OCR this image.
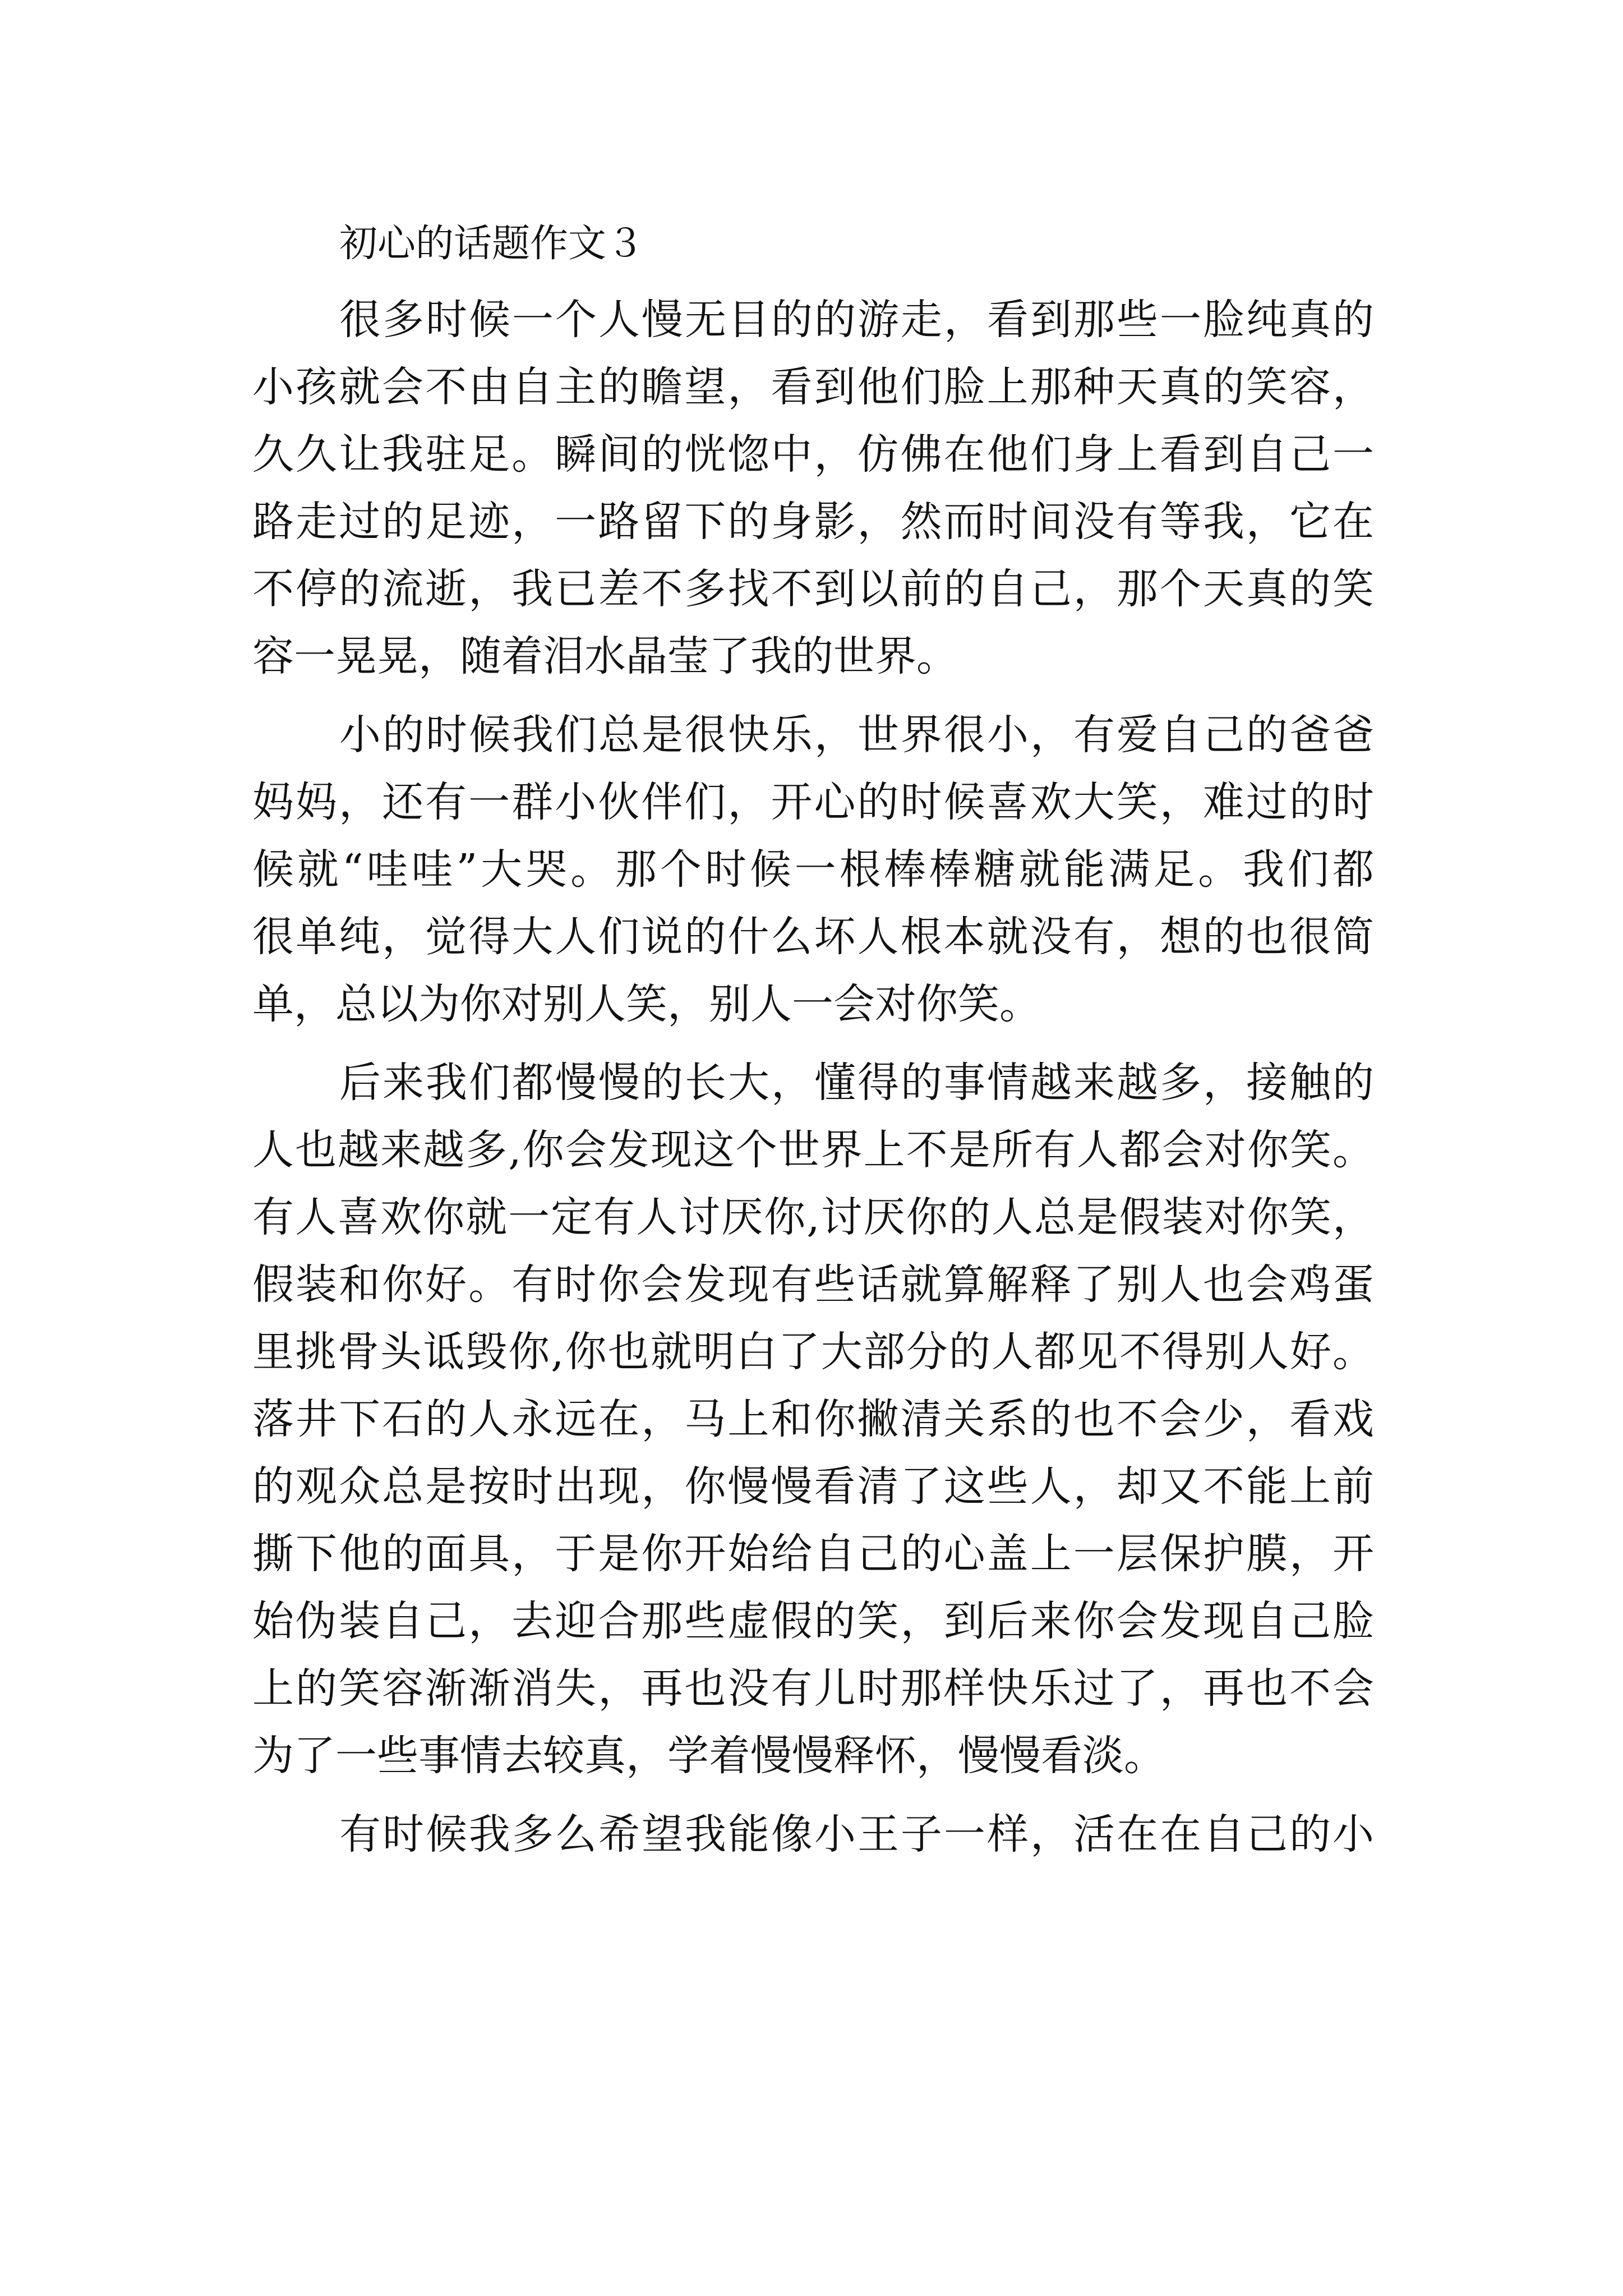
初心的话题作文３
很多时候一个人慢无目的的游走，看到那些一脸纯真的
小孩就会不由自主的瞻望，看到他们脸上那种天真的笑容，
久久让我驻足。瞬间的恍惚中，仿佛在他们身上看到自己一
路走过的足迹，一路留下的身影，然而时间没有等我，它在
不停的流逝，我已差不多找不到以前的自己，那个天真的笑
容一晃晃，随着泪水晶莹了我的世界。
小的时候我们总是很快乐，世界很小，有爱自己的爸爸
妈妈，还有一群小伙伴们，开心的时候喜欢大笑，难过的时
候就“哇哇”大哭。那个时候一根棒棒糖就能满足。我们都
很单纯，觉得大人们说的什么坏人根本就没有，想的也很简
单，总以为你对别人笑，别人一会对你笑。
后来我们都慢慢的长大，懂得的事情越来越多，接触的
人也越来越多,你会发现这个世界上不是所有人都会对你笑。
有人喜欢你就一定有人讨厌你,讨厌你的人总是假装对你笑，
假装和你好。有时你会发现有些话就算解释了别人也会鸡蛋
里挑骨头诋毁你,你也就明白了大部分的人都见不得别人好。
落井下石的人永远在，马上和你撇清关系的也不会少，看戏
的观众总是按时出现，你慢慢看清了这些人，却又不能上前
撕下他的面具，于是你开始给自己的心盖上一层保护膜，开
始伪装自己，去迎合那些虚假的笑，到后来你会发现自己脸
上的笑容渐渐消失，再也没有儿时那样快乐过了，再也不会
为了一些事情去较真，学着慢慢释怀，慢慢看淡。
有时候我多么希望我能像小王子一样，活在在自己的小
